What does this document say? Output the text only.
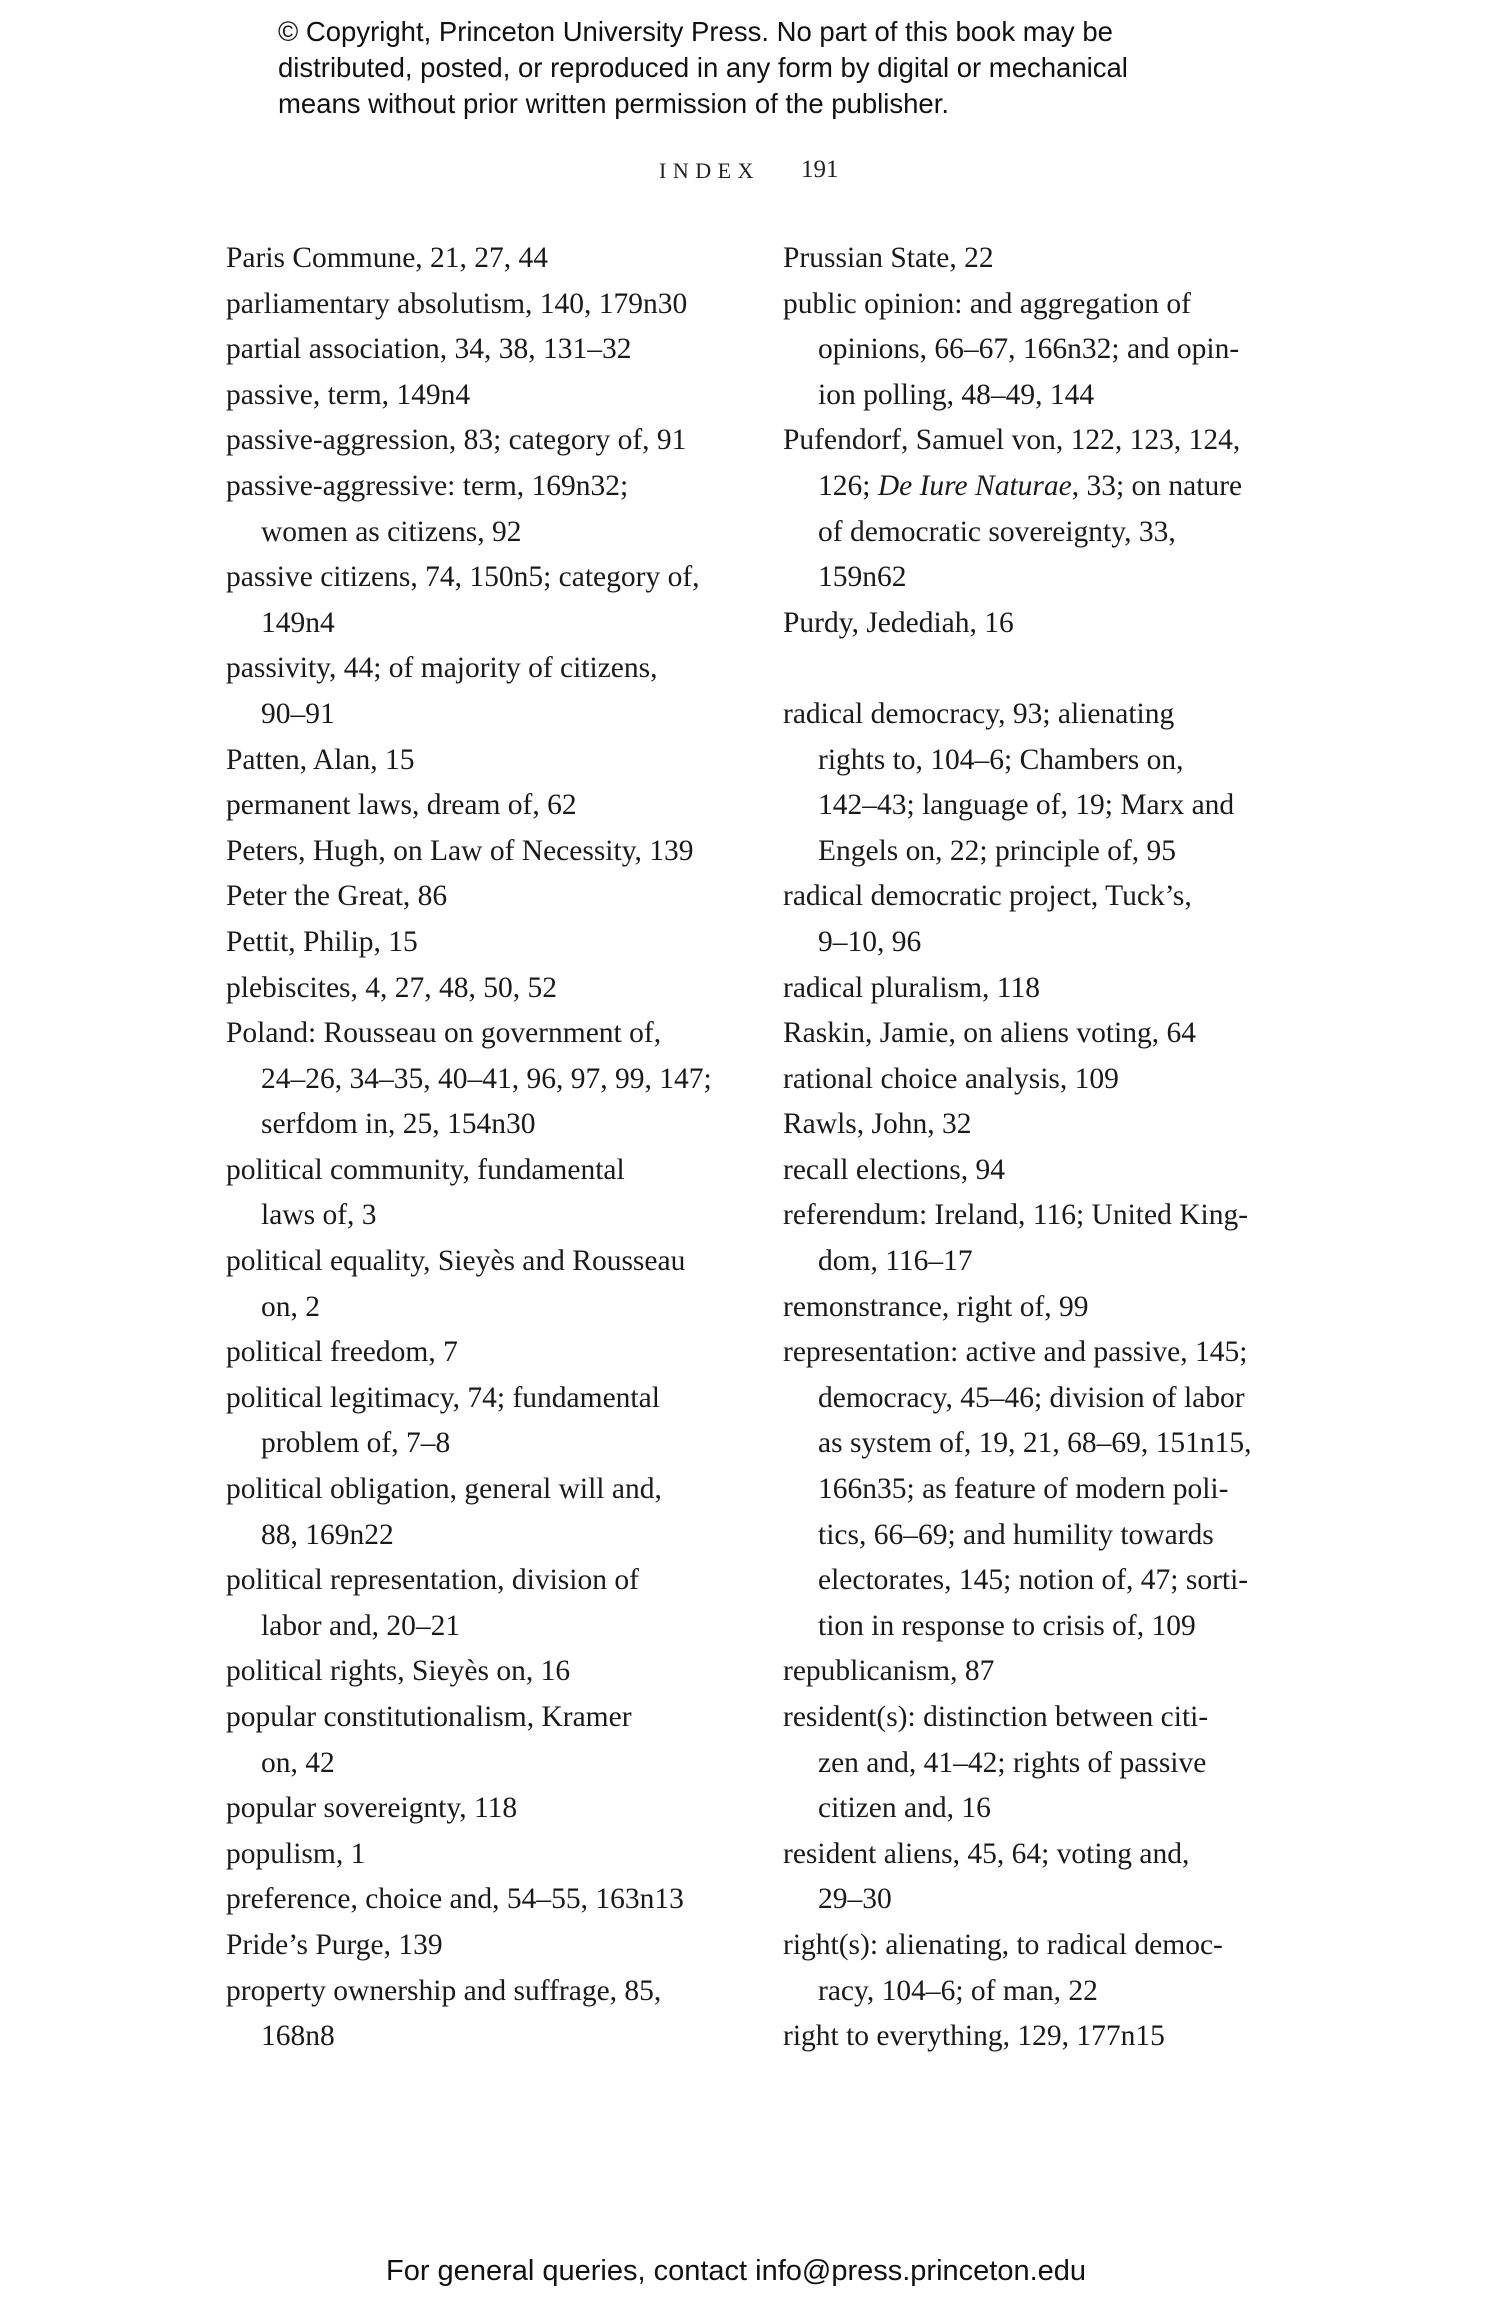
© Copyright, Princeton University Press. No part of this book may be
distributed, posted, or reproduced in any form by digital or mechanical
means without prior written permission of the publisher.
INDEX 191
Paris Commune, 21, 27, 44
parliamentary absolutism, 140, 179n30
partial association, 34, 38, 131–32
passive, term, 149n4
passive-aggression, 83; category of, 91
passive-aggressive: term, 169n32;
women as citizens, 92
passive citizens, 74, 150n5; category of,
149n4
passivity, 44; of majority of citizens,
90–91
Patten, Alan, 15
permanent laws, dream of, 62
Peters, Hugh, on Law of Necessity, 139
Peter the Great, 86
Pettit, Philip, 15
plebiscites, 4, 27, 48, 50, 52
Poland: Rousseau on government of,
24–26, 34–35, 40–41, 96, 97, 99, 147;
serfdom in, 25, 154n30
political community, fundamental
laws of, 3
political equality, Sieyès and Rousseau
on, 2
political freedom, 7
political legitimacy, 74; fundamental
problem of, 7–8
political obligation, general will and,
88, 169n22
political representation, division of
labor and, 20–21
political rights, Sieyès on, 16
popular constitutionalism, Kramer
on, 42
popular sovereignty, 118
populism, 1
preference, choice and, 54–55, 163n13
Pride’s Purge, 139
property ownership and suffrage, 85,
168n8
Prussian State, 22
public opinion: and aggregation of
opinions, 66–67, 166n32; and opin-
ion polling, 48–49, 144
Pufendorf, Samuel von, 122, 123, 124,
126; De Iure Naturae, 33; on nature
of democratic sovereignty, 33,
159n62
Purdy, Jedediah, 16
radical democracy, 93; alienating
rights to, 104–6; Chambers on,
142–43; language of, 19; Marx and
Engels on, 22; principle of, 95
radical democratic project, Tuck’s,
9–10, 96
radical pluralism, 118
Raskin, Jamie, on aliens voting, 64
rational choice analysis, 109
Rawls, John, 32
recall elections, 94
referendum: Ireland, 116; United King-
dom, 116–17
remonstrance, right of, 99
representation: active and passive, 145;
democracy, 45–46; division of labor
as system of, 19, 21, 68–69, 151n15,
166n35; as feature of modern poli-
tics, 66–69; and humility towards
electorates, 145; notion of, 47; sorti-
tion in response to crisis of, 109
republicanism, 87
resident(s): distinction between citi-
zen and, 41–42; rights of passive
citizen and, 16
resident aliens, 45, 64; voting and,
29–30
right(s): alienating, to radical democ-
racy, 104–6; of man, 22
right to everything, 129, 177n15
For general queries, contact info@press.princeton.edu
